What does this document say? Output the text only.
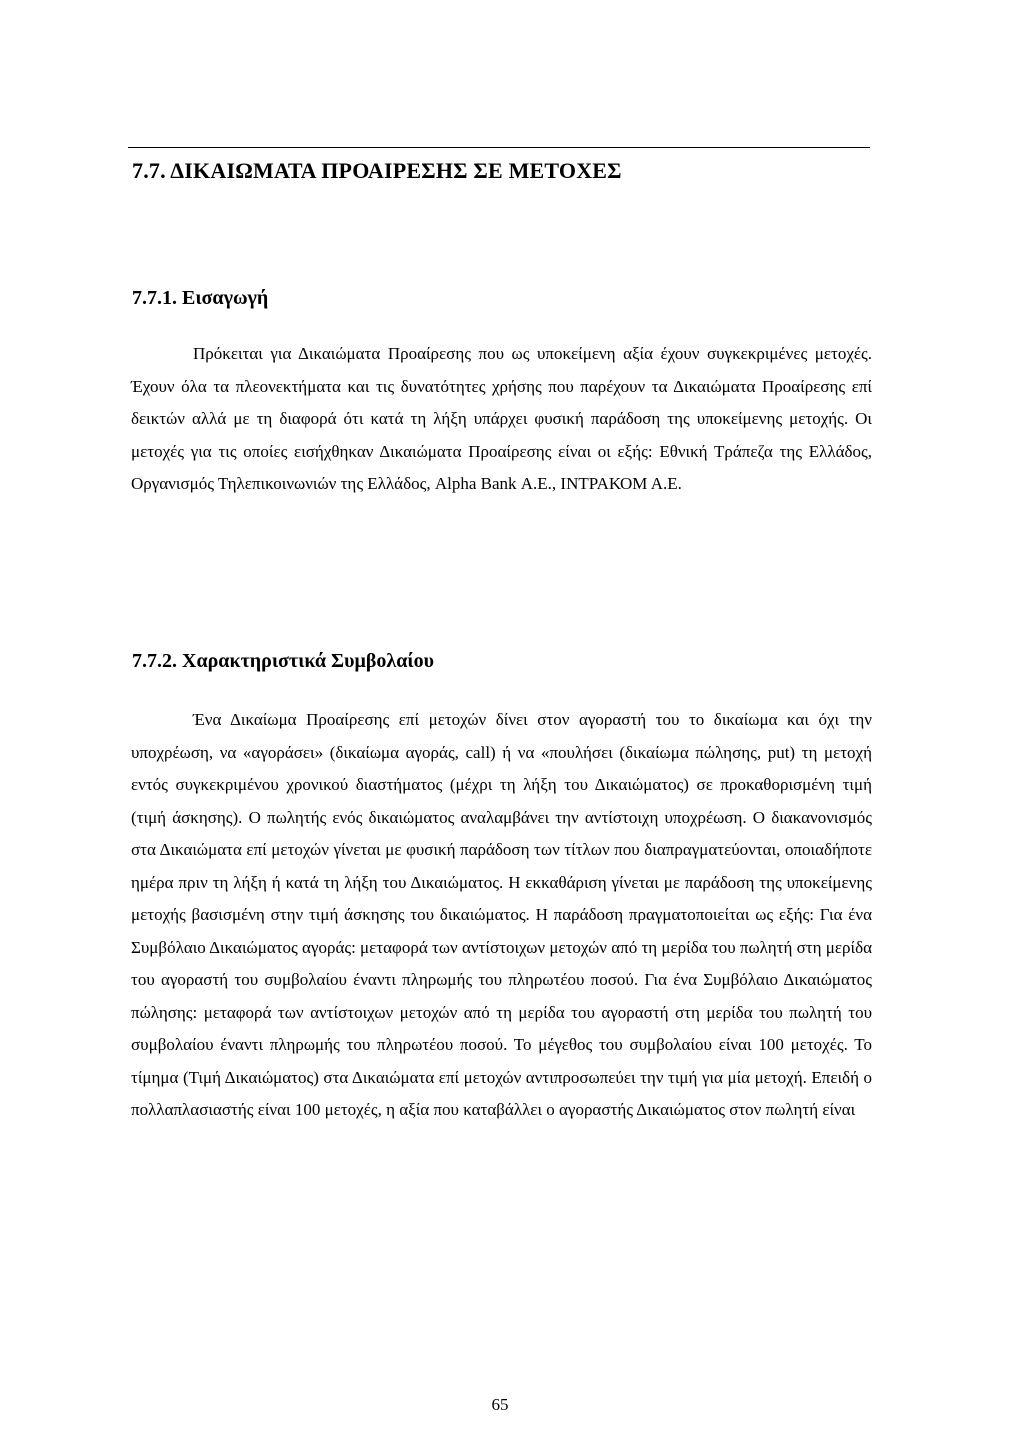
7.7. ΔΙΚΑΙΩΜΑΤΑ ΠΡΟΑΙΡΕΣΗΣ ΣΕ ΜΕΤΟΧΕΣ
7.7.1. Εισαγωγή

Πρόκειται για Δικαιώματα Προαίρεσης που ως υποκείμενη αξία έχουν συγκεκριμένες μετοχές. Έχουν όλα τα πλεονεκτήματα και τις δυνατότητες χρήσης που παρέχουν τα Δικαιώματα Προαίρεσης επί δεικτών αλλά με τη διαφορά ότι κατά τη λήξη υπάρχει φυσική παράδοση της υποκείμενης μετοχής. Οι μετοχές για τις οποίες εισήχθηκαν Δικαιώματα Προαίρεσης είναι οι εξής: Εθνική Τράπεζα της Ελλάδος, Οργανισμός Τηλεπικοινωνιών της Ελλάδος, Alpha Bank Α.Ε., ΙΝΤΡΑΚΟΜ Α.Ε.

7.7.2. Χαρακτηριστικά Συμβολαίου

Ένα Δικαίωμα Προαίρεσης επί μετοχών δίνει στον αγοραστή του το δικαίωμα και όχι την υποχρέωση, να «αγοράσει» (δικαίωμα αγοράς, call) ή να «πουλήσει (δικαίωμα πώλησης, put) τη μετοχή εντός συγκεκριμένου χρονικού διαστήματος (μέχρι τη λήξη του Δικαιώματος) σε προκαθορισμένη τιμή (τιμή άσκησης). Ο πωλητής ενός δικαιώματος αναλαμβάνει την αντίστοιχη υποχρέωση. Ο διακανονισμός στα Δικαιώματα επί μετοχών γίνεται με φυσική παράδοση των τίτλων που διαπραγματεύονται, οποιαδήποτε ημέρα πριν τη λήξη ή κατά τη λήξη του Δικαιώματος. Η εκκαθάριση γίνεται με παράδοση της υποκείμενης μετοχής βασισμένη στην τιμή άσκησης του δικαιώματος. Η παράδοση πραγματοποιείται ως εξής: Για ένα Συμβόλαιο Δικαιώματος αγοράς: μεταφορά των αντίστοιχων μετοχών από τη μερίδα του πωλητή στη μερίδα του αγοραστή του συμβολαίου έναντι πληρωμής του πληρωτέου ποσού. Για ένα Συμβόλαιο Δικαιώματος πώλησης: μεταφορά των αντίστοιχων μετοχών από τη μερίδα του αγοραστή στη μερίδα του πωλητή του συμβολαίου έναντι πληρωμής του πληρωτέου ποσού. Το μέγεθος του συμβολαίου είναι 100 μετοχές. Το τίμημα (Τιμή Δικαιώματος) στα Δικαιώματα επί μετοχών αντιπροσωπεύει την τιμή για μία μετοχή. Επειδή ο πολλαπλασιαστής είναι 100 μετοχές, η αξία που καταβάλλει ο αγοραστής Δικαιώματος στον πωλητή είναι

65
